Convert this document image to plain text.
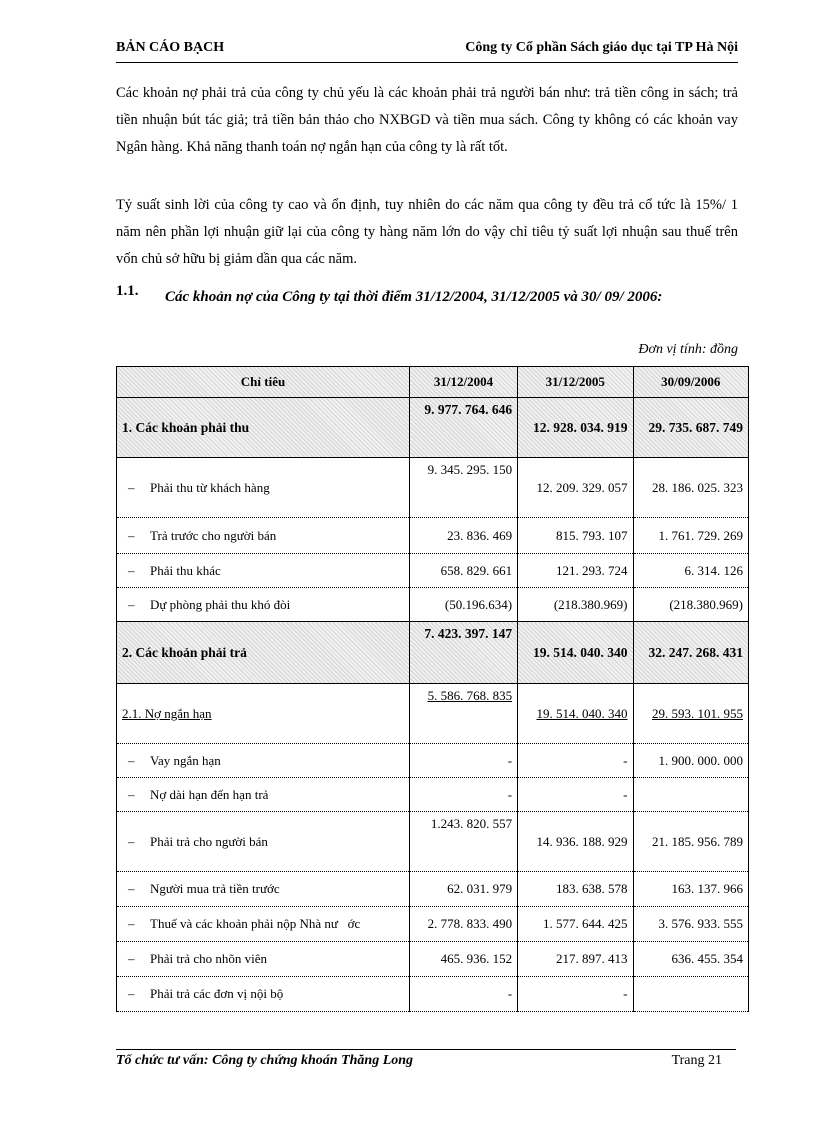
BẢN CÁO BẠCH	Công ty Cổ phần Sách giáo dục tại TP Hà Nội
Các khoản nợ phải trả của công ty chủ yếu là các khoản phải trả người bán như: trả tiền công in sách; trả tiền nhuận bút tác giả; trả tiền bản thảo cho NXBGD và tiền mua sách. Công ty không có các khoản vay Ngân hàng. Khả năng thanh toán nợ ngắn hạn của công ty là rất tốt.
Tỷ suất sinh lời của công ty cao và ổn định, tuy nhiên do các năm qua công ty đều trả cổ tức là 15%/ 1 năm nên phần lợi nhuận giữ lại của công ty hàng năm lớn do vậy chỉ tiêu tỷ suất lợi nhuận sau thuế trên vốn chủ sở hữu bị giảm dần qua các năm.
1.1. Các khoản nợ của Công ty tại thời điểm 31/12/2004, 31/12/2005 và 30/ 09/ 2006:
Đơn vị tính: đồng
Chỉ tiêu	31/12/2004	31/12/2005	30/09/2006
1. Các khoản phải thu	9. 977. 764. 646	12. 928. 034. 919	29. 735. 687. 749
– Phải thu từ khách hàng	9. 345. 295. 150	12. 209. 329. 057	28. 186. 025. 323
– Trả trước cho người bán	23. 836. 469	815. 793. 107	1. 761. 729. 269
– Phải thu khác	658. 829. 661	121. 293. 724	6. 314. 126
– Dự phòng phải thu khó đòi	(50.196.634)	(218.380.969)	(218.380.969)
2. Các khoản phải trả	7. 423. 397. 147	19. 514. 040. 340	32. 247. 268. 431
2.1. Nợ ngắn hạn	5. 586. 768. 835	19. 514. 040. 340	29. 593. 101. 955
– Vay ngắn hạn	-	-	1. 900. 000. 000
– Nợ dài hạn đến hạn trả	-	-	
– Phải trả cho người bán	1.243. 820. 557	14. 936. 188. 929	21. 185. 956. 789
– Người mua trả tiền trước	62. 031. 979	183. 638. 578	163. 137. 966
– Thuế và các khoản phải nộp Nhà nư   ớc	2. 778. 833. 490	1. 577. 644. 425	3. 576. 933. 555
– Phải trả cho nhõn viên	465. 936. 152	217. 897. 413	636. 455. 354
– Phải trả các đơn vị nội bộ	-	-	
Tổ chức tư vấn: Công ty chứng khoán Thăng Long	Trang 21
